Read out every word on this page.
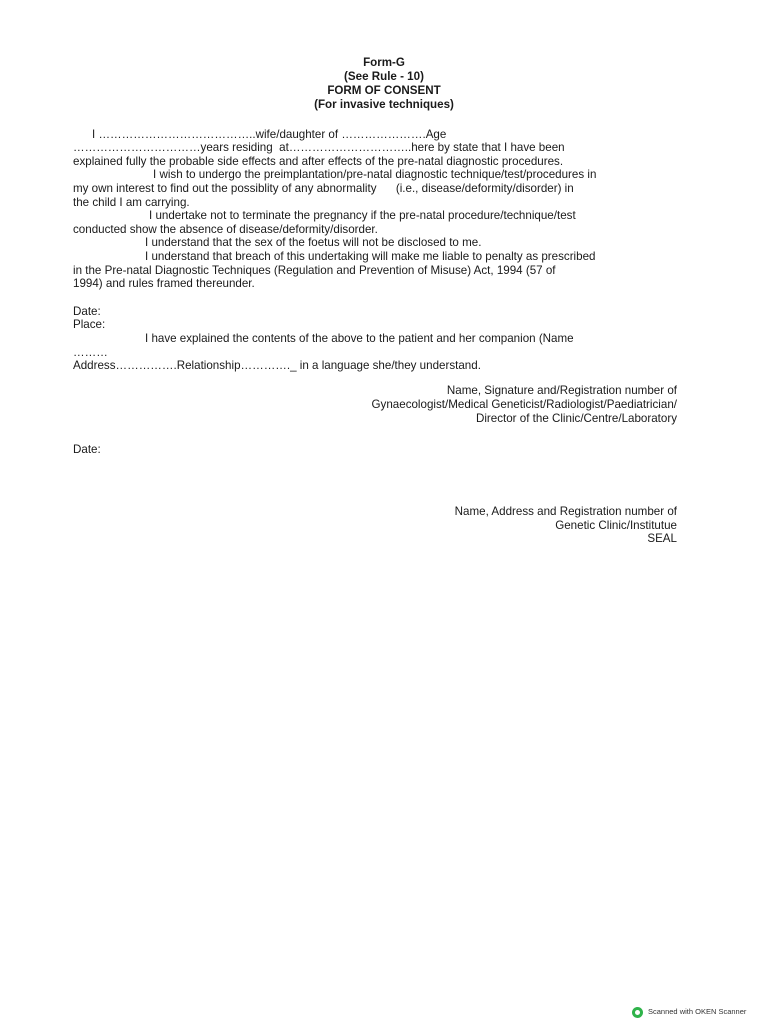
Form-G
(See Rule - 10)
FORM OF CONSENT
(For invasive techniques)
I …………………………………..wife/daughter of ………………….Age
……………………………years residing  at…………………………..here by state that I have been
explained fully the probable side effects and after effects of the pre-natal diagnostic procedures.
I wish to undergo the preimplantation/pre-natal diagnostic technique/test/procedures in
my own interest to find out the possiblity of any abnormality      (i.e., disease/deformity/disorder) in
the child I am carrying.
I undertake not to terminate the pregnancy if the pre-natal procedure/technique/test
conducted show the absence of disease/deformity/disorder.
I understand that the sex of the foetus will not be disclosed to me.
I understand that breach of this undertaking will make me liable to penalty as prescribed
in the Pre-natal Diagnostic Techniques (Regulation and Prevention of Misuse) Act, 1994 (57 of
1994) and rules framed thereunder.
Date:
Place:
I have explained the contents of the above to the patient and her companion (Name
………
Address…………….Relationship…………._ in a language she/they understand.
Name, Signature and/Registration number of
Gynaecologist/Medical Geneticist/Radiologist/Paediatrician/
Director of the Clinic/Centre/Laboratory
Date:
Name, Address and Registration number of
Genetic Clinic/Institutue
SEAL
Scanned with OKEN Scanner
